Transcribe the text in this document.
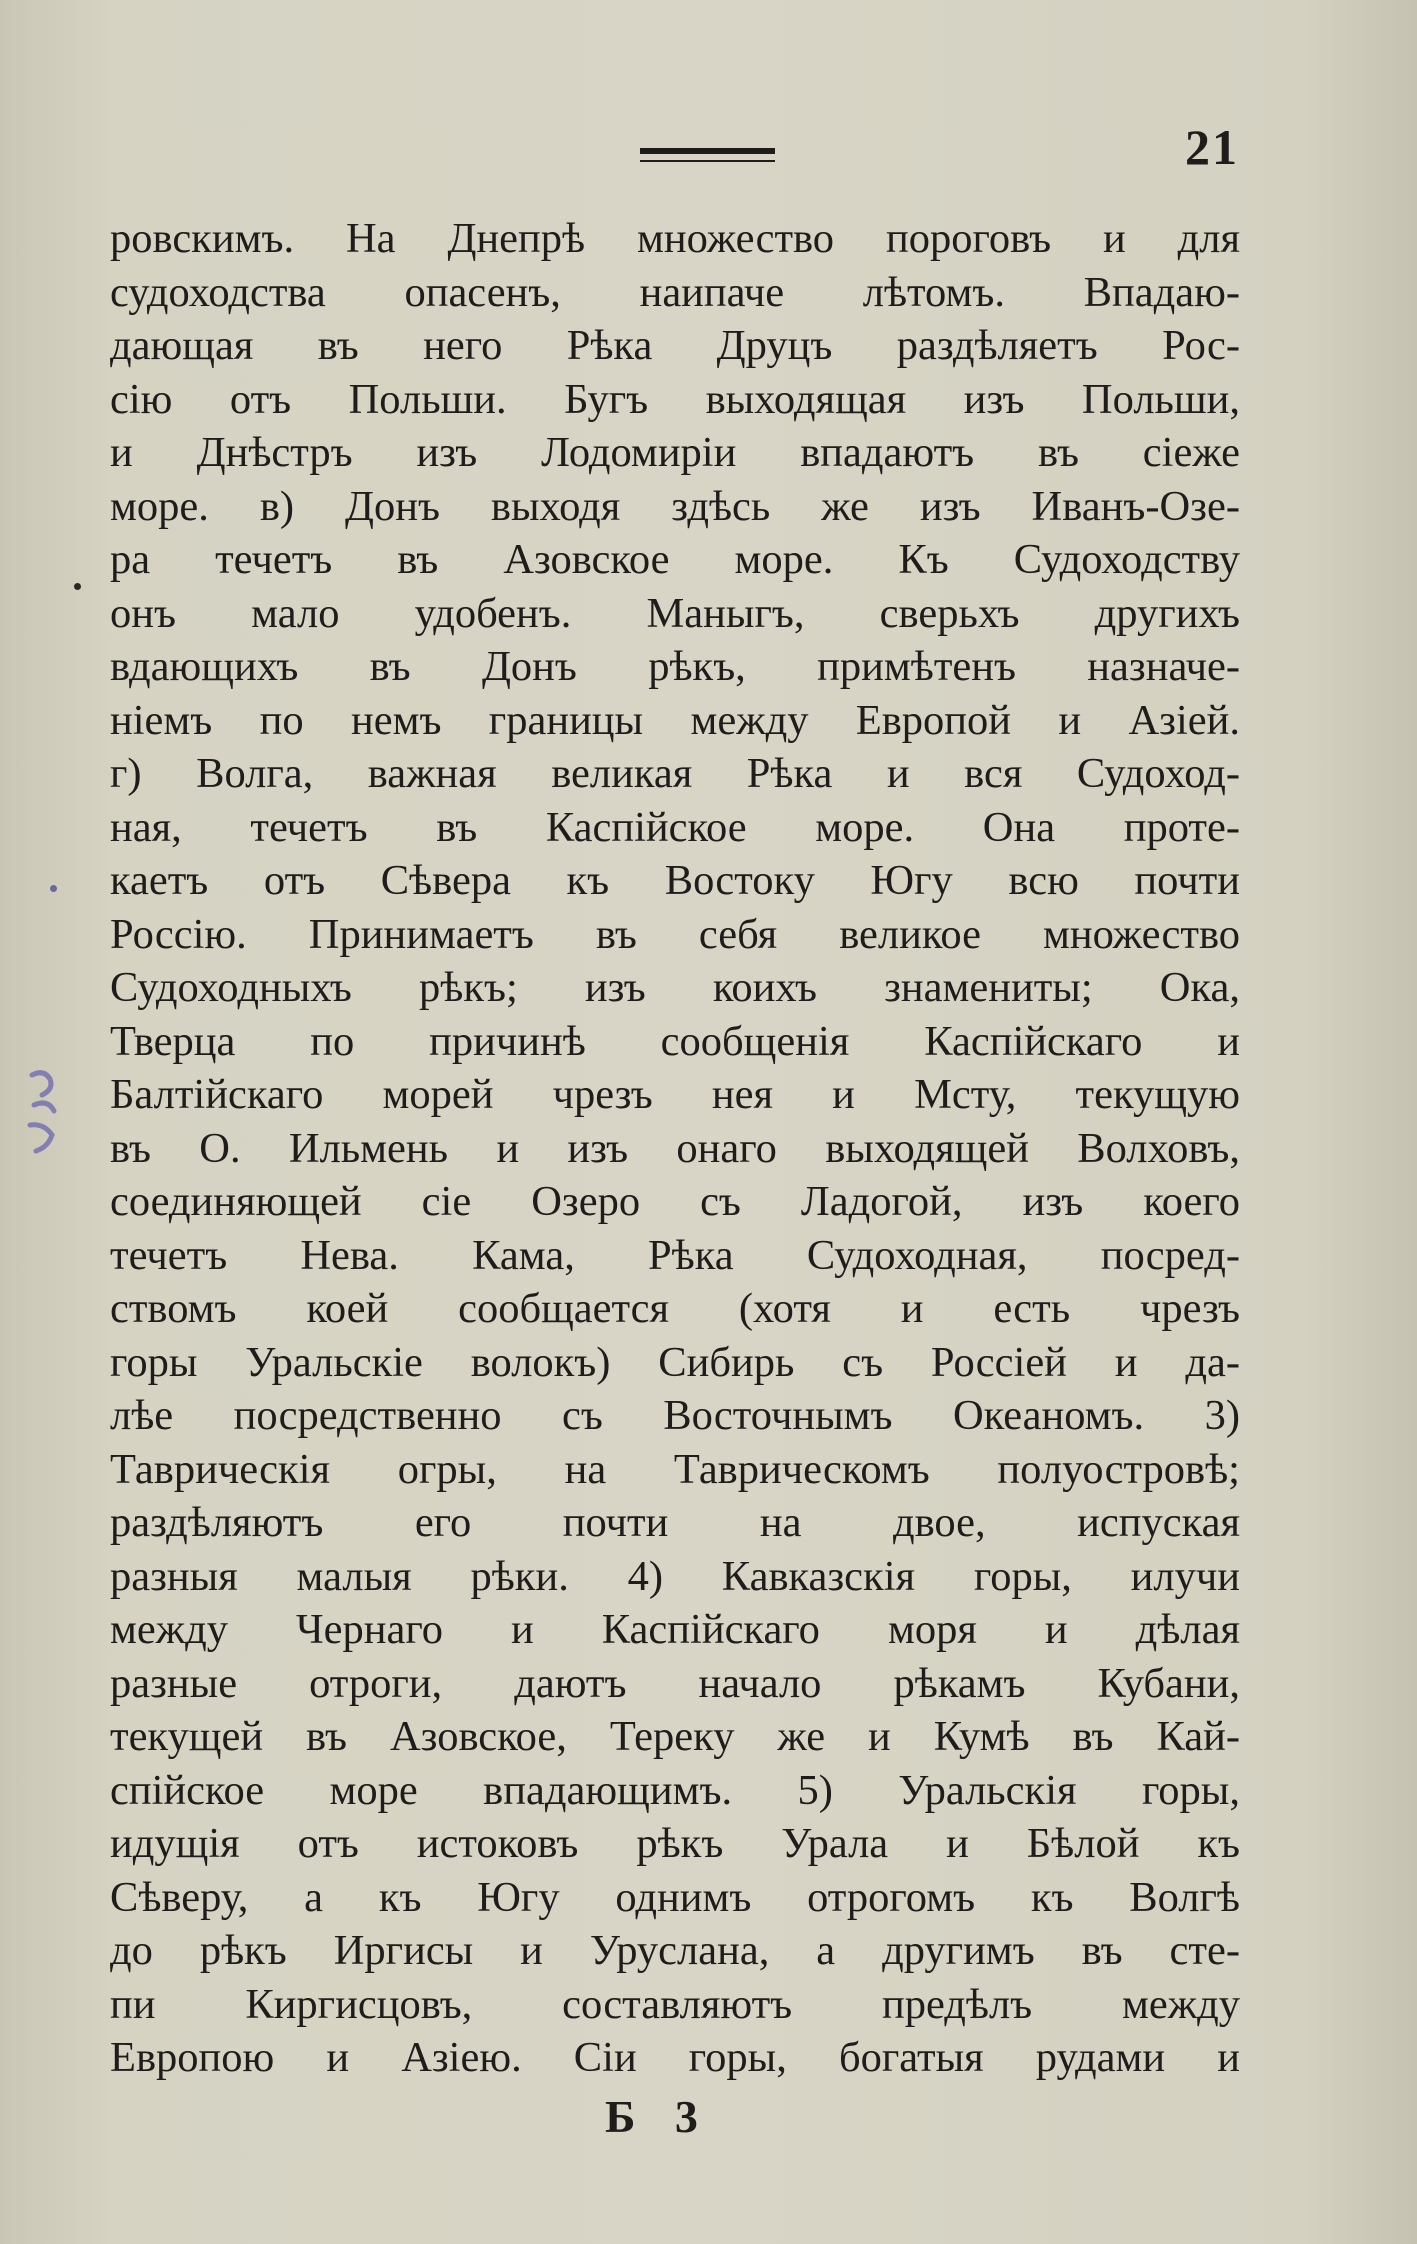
21
ровскимъ. На Днепрѣ множество пороговъ и для
судоходства опасенъ, наипаче лѣтомъ. Впадаю-
дающая въ него Рѣка Друцъ раздѣляетъ Рос-
сію отъ Польши. Бугъ выходящая изъ Польши,
и Днѣстръ изъ Лодомиріи впадаютъ въ сіеже
море. в) Донъ выходя здѣсь же изъ Иванъ-Озе-
ра течетъ въ Азовское море. Къ Судоходству
онъ мало удобенъ. Маныгъ, сверьхъ другихъ
вдающихъ въ Донъ рѣкъ, примѣтенъ назначе-
ніемъ по немъ границы между Европой и Азіей.
г) Волга, важная великая Рѣка и вся Судоход-
ная, течетъ въ Каспійское море. Она проте-
каетъ отъ Сѣвера къ Востоку Югу всю почти
Россію. Принимаетъ въ себя великое множество
Судоходныхъ рѣкъ; изъ коихъ знамениты; Ока,
Тверца по причинѣ сообщенія Каспійскаго и
Балтійскаго морей чрезъ нея и Мсту, текущую
въ О. Ильмень и изъ онаго выходящей Волховъ,
соединяющей сіе Озеро съ Ладогой, изъ коего
течетъ Нева. Кама, Рѣка Судоходная, посред-
ствомъ коей сообщается (хотя и есть чрезъ
горы Уральскіе волокъ) Сибирь съ Россіей и да-
лѣе посредственно съ Восточнымъ Океаномъ. 3)
Таврическія огры, на Таврическомъ полуостровѣ;
раздѣляютъ его почти на двое, испуская
разныя малыя рѣки. 4) Кавказскія горы, илучи
между Чернаго и Каспійскаго моря и дѣлая
разные отроги, даютъ начало рѣкамъ Кубани,
текущей въ Азовское, Тереку же и Кумѣ въ Кай-
спійское море впадающимъ. 5) Уральскія горы,
идущія отъ истоковъ рѣкъ Урала и Бѣлой къ
Сѣверу, а къ Югу однимъ отрогомъ къ Волгѣ
до рѣкъ Иргисы и Уруслана, а другимъ въ сте-
пи Киргисцовъ, составляютъ предѣлъ между
Европою и Азіею. Сіи горы, богатыя рудами и
Б 3
